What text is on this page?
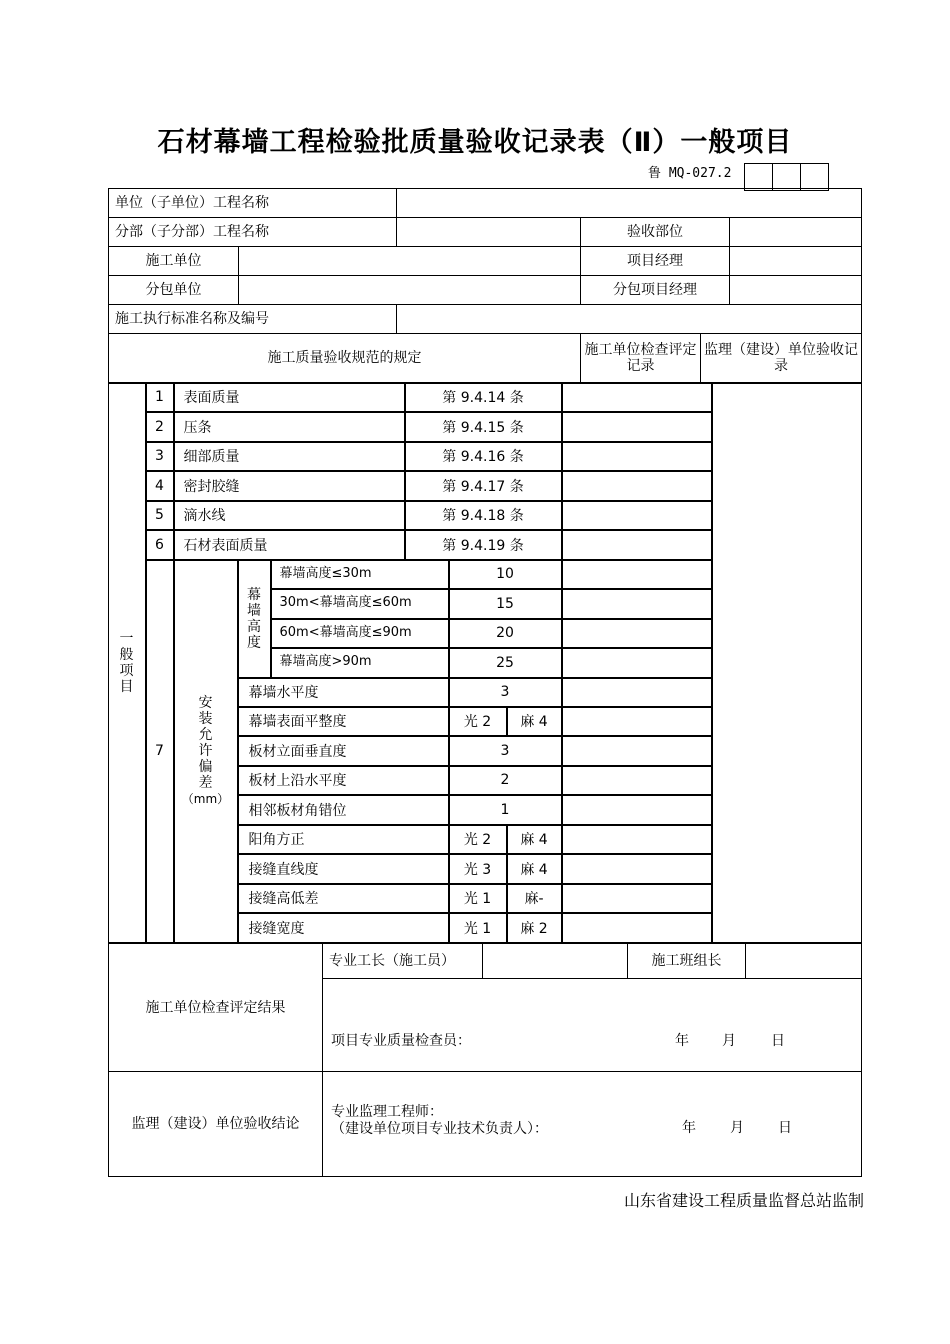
石材幕墙工程检验批质量验收记录表（Ⅱ）一般项目
鲁 MQ-027.2
单位（子单位）工程名称					
分部（子分部）工程名称			验收部位		
施工单位			项目经理		
分包单位			分包项目经理		
施工执行标准名称及编号					
施工质量验收规范的规定			施工单位检查评定记录	监理（建设）单位验收记录	
一
般
项
目
1 表面质量	第 9.4.14 条
2 压条	第 9.4.15 条
3 细部质量	第 9.4.16 条
4 密封胶缝	第 9.4.17 条
5 滴水线	第 9.4.18 条
6 石材表面质量	第 9.4.19 条
7
安
装
允
许
偏
差
（mm）
幕
墙
高
度
幕墙高度≤30m	10
30m<幕墙高度≤60m	15
60m<幕墙高度≤90m	20
幕墙高度>90m	25
幕墙水平度	3
幕墙表面平整度	光 2 麻 4
板材立面垂直度	3
板材上沿水平度	2
相邻板材角错位	1
阳角方正	光 2 麻 4
接缝直线度	光 3 麻 4
接缝高低差	光 1 麻-
接缝宽度	光 1 麻 2
施工单位检查评定结果	专业工长（施工员）		施工班组长	

	项目专业质量检查员： 年 月 日			

监理（建设）单位验收结论	专业监理工程师：
（建设单位项目专业技术负责人）： 年 月 日			
山东省建设工程质量监督总站监制
